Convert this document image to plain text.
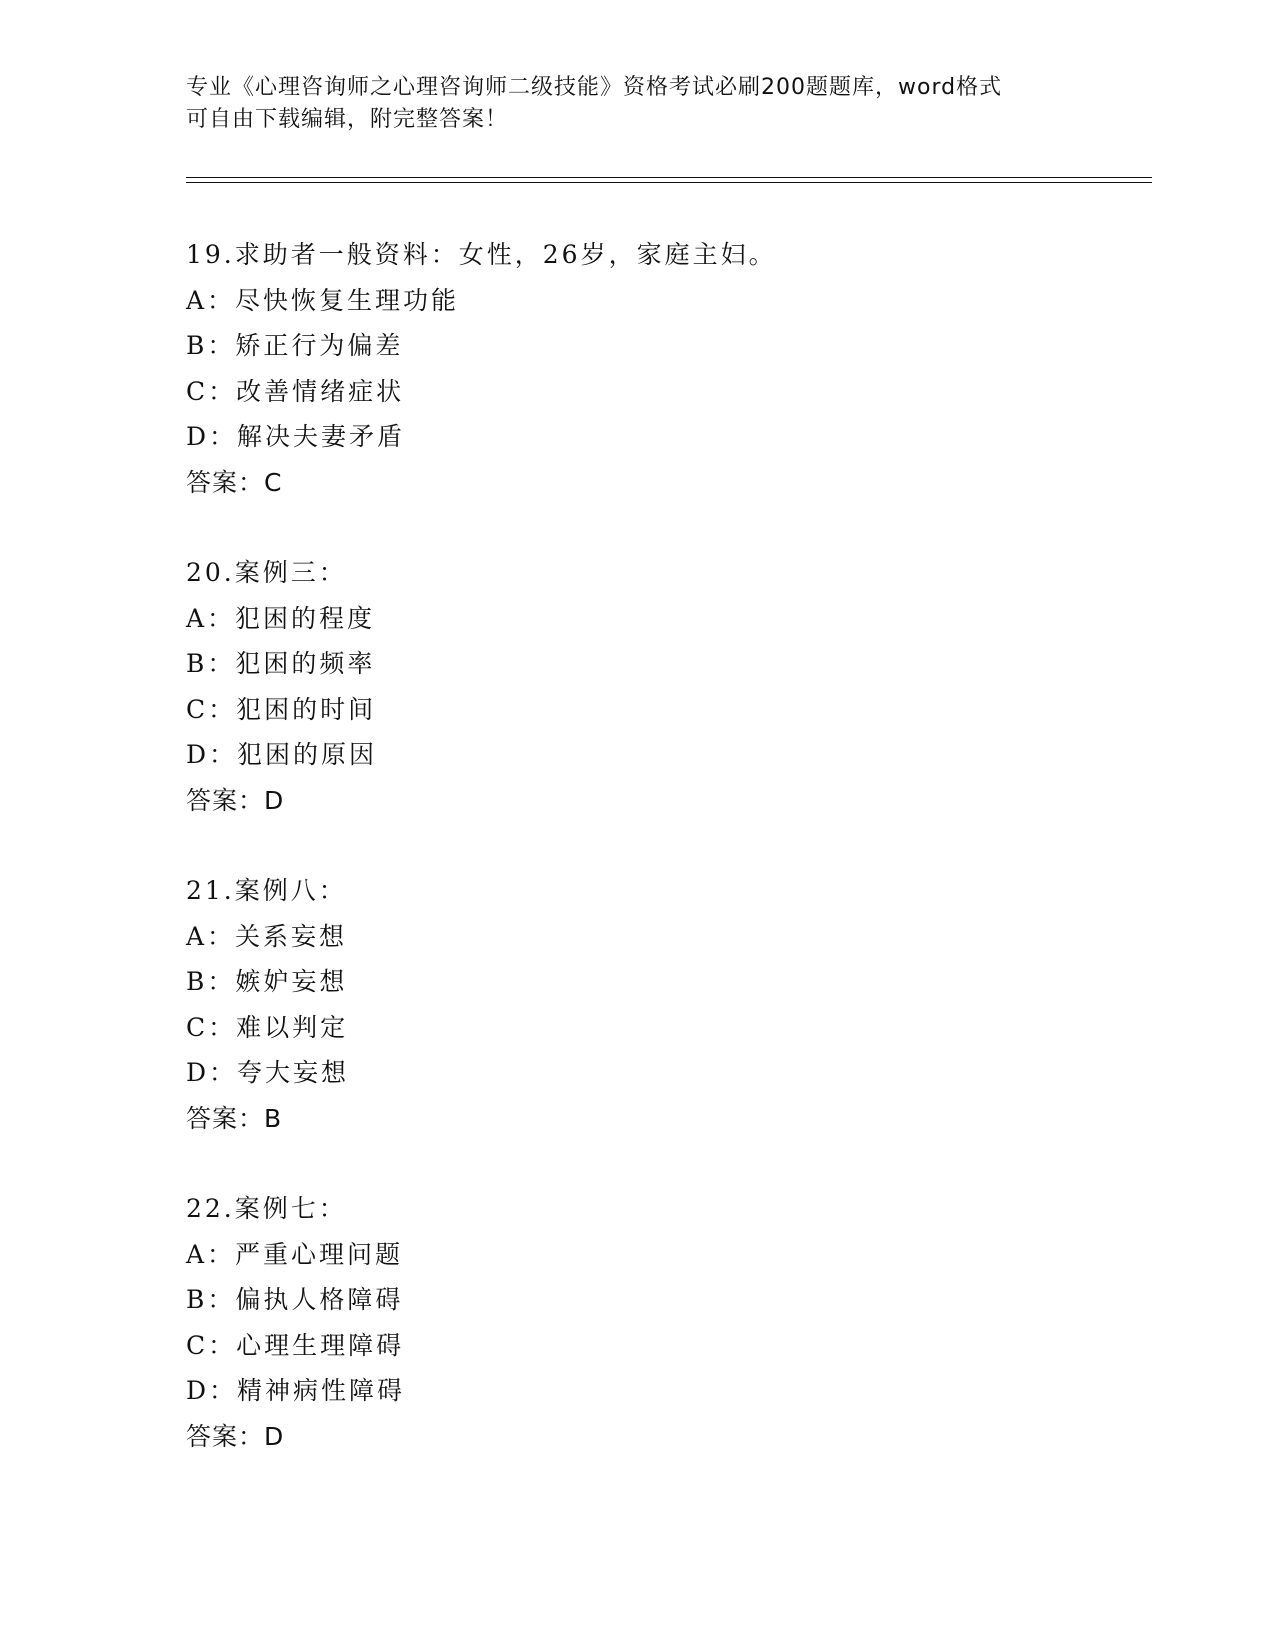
专业《心理咨询师之心理咨询师二级技能》资格考试必刷200题题库，word格式
可自由下载编辑，附完整答案！
19.求助者一般资料：女性，26岁，家庭主妇。
A：尽快恢复生理功能
B：矫正行为偏差
C：改善情绪症状
D：解决夫妻矛盾
答案：C
20.案例三：
A：犯困的程度
B：犯困的频率
C：犯困的时间
D：犯困的原因
答案：D
21.案例八：
A：关系妄想
B：嫉妒妄想
C：难以判定
D：夸大妄想
答案：B
22.案例七：
A：严重心理问题
B：偏执人格障碍
C：心理生理障碍
D：精神病性障碍
答案：D
